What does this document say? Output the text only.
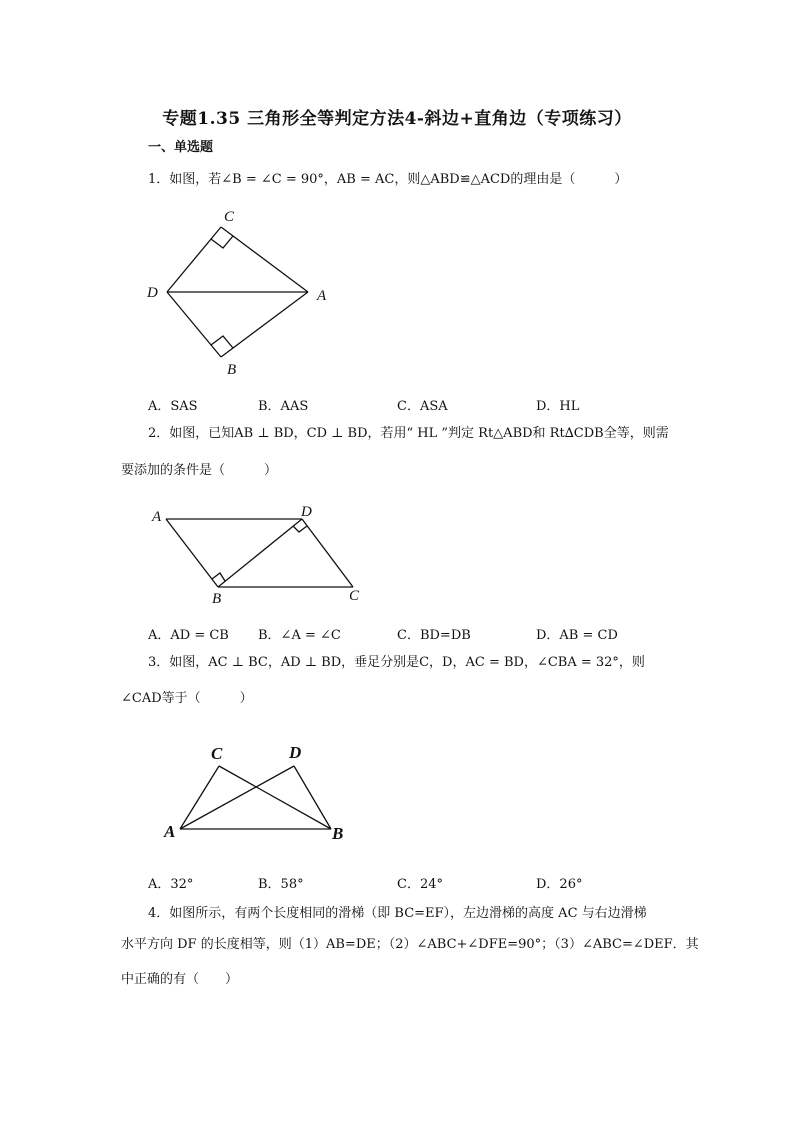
专题1.35 三角形全等判定方法4-斜边+直角边（专项练习）
一、单选题
1．如图，若∠B = ∠C = 90°，AB = AC，则△ABD≌△ACD的理由是（　　　）
C
D	A
B
A．SAS	B．AAS	C．ASA	D．HL
2．如图，已知AB ⊥ BD，CD ⊥ BD，若用“ HL ”判定 Rt△ABD和 Rt∆CDB全等，则需
要添加的条件是（　　　）
A	D
B	C
A．AD = CB B．∠A = ∠C	C．BD=DB	D．AB = CD
3．如图，AC ⊥ BC，AD ⊥ BD，垂足分别是C，D，AC = BD，∠CBA = 32°，则
∠CAD等于（　　　）
C	D
A	B
A．32°	B．58°	C．24°	D．26°
4．如图所示，有两个长度相同的滑梯（即 BC=EF），左边滑梯的高度 AC 与右边滑梯
水平方向 DF 的长度相等，则（1）AB=DE；（2）∠ABC+∠DFE=90°；（3）∠ABC=∠DEF．其
中正确的有（　　）
